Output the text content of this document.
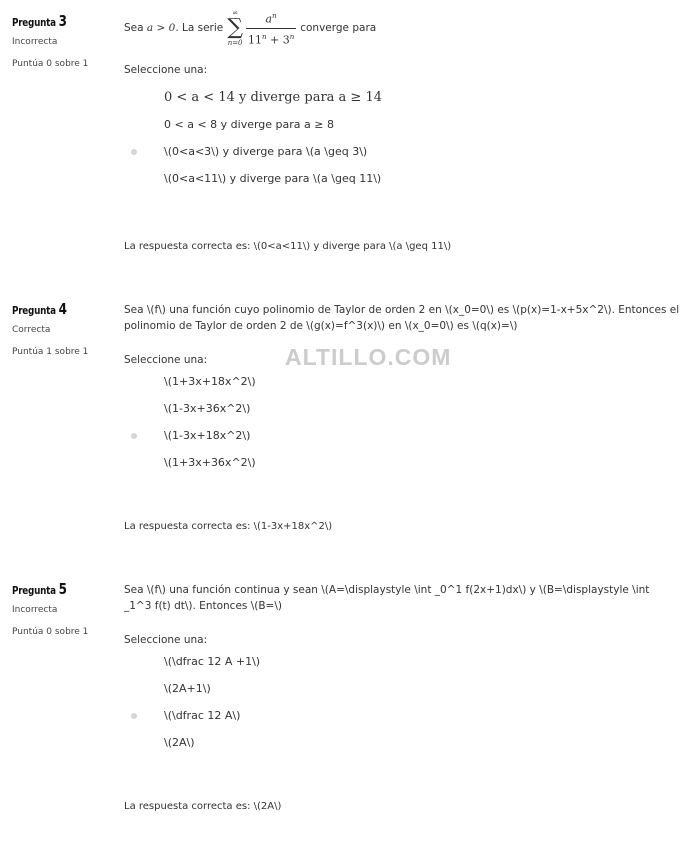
Pregunta 3
Incorrecta
Puntúa 0 sobre 1
Sea
a > 0 . La serie
∞
∑
$n=0 \frac{a^n}{11^n + 3^n}$ converge para
Seleccione una:
0 < a < 14 y diverge para a ≥ 14
0 < a < 8 y diverge para a ≥ 8
\(0<a<3\) y diverge para \(a \geq 3\)
\(0<a<11\) y diverge para \(a \geq 11\)
La respuesta correcta es: \(0<a<11\) y diverge para \(a \geq 11\)
Pregunta 4
Correcta
Puntúa 1 sobre 1
Sea \(f\) una función cuyo polinomio de Taylor de orden 2 en \(x_0=0\) es \(p(x)=1-x+5x^2\). Entonces el polinomio de Taylor de orden 2 de \(g(x)=f^3(x)\) en \(x_0=0\) es \(q(x)=\)
Seleccione una:
\(1+3x+18x^2\)
\(1-3x+36x^2\)
\(1-3x+18x^2\)
\(1+3x+36x^2\)
La respuesta correcta es: \(1-3x+18x^2\)
Pregunta 5
Incorrecta
Puntúa 0 sobre 1
Sea \(f\) una función continua y sean \(A=\displaystyle \int _0^1 f(2x+1)dx\) y \(B=\displaystyle \int _1^3 f(t) dt\). Entonces \(B=\)
Seleccione una:
\(\dfrac 12 A +1\)
\(2A+1\)
\(\dfrac 12 A\)
\(2A\)
La respuesta correcta es: \(2A\)
ALTILLO.COM
